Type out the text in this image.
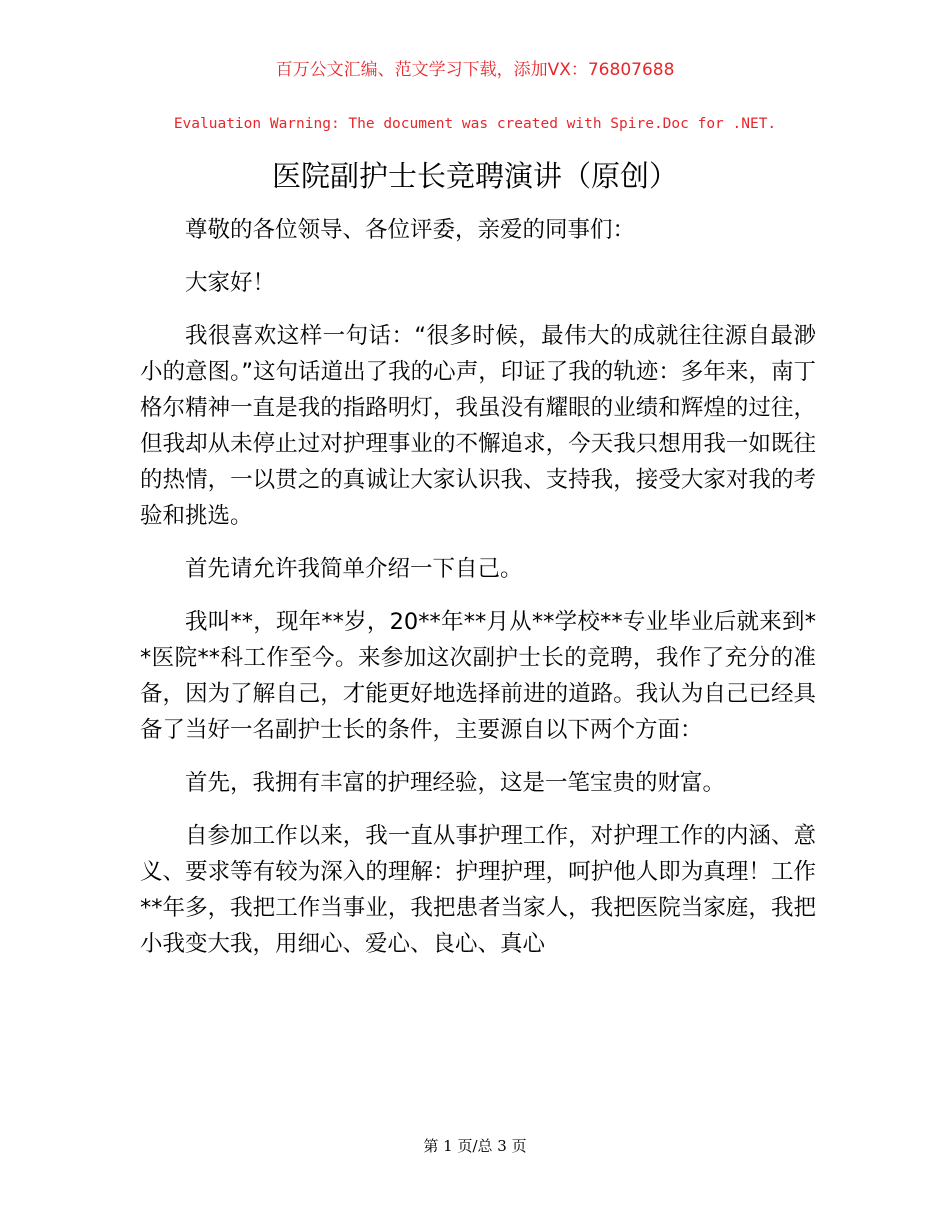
百万公文汇编、范文学习下载，添加VX：76807688
Evaluation Warning: The document was created with Spire.Doc for .NET.
医院副护士长竞聘演讲（原创）

尊敬的各位领导、各位评委，亲爱的同事们：

大家好！

我很喜欢这样一句话：“很多时候，最伟大的成就往往源自最渺小的意图。”这句话道出了我的心声，印证了我的轨迹：多年来，南丁格尔精神一直是我的指路明灯，我虽没有耀眼的业绩和辉煌的过往，但我却从未停止过对护理事业的不懈追求，今天我只想用我一如既往的热情，一以贯之的真诚让大家认识我、支持我，接受大家对我的考验和挑选。

首先请允许我简单介绍一下自己。

我叫**，现年**岁，20**年**月从**学校**专业毕业后就来到**医院**科工作至今。来参加这次副护士长的竞聘，我作了充分的准备，因为了解自己，才能更好地选择前进的道路。我认为自己已经具备了当好一名副护士长的条件，主要源自以下两个方面：

首先，我拥有丰富的护理经验，这是一笔宝贵的财富。

自参加工作以来，我一直从事护理工作，对护理工作的内涵、意义、要求等有较为深入的理解：护理护理，呵护他人即为真理！工作**年多，我把工作当事业，我把患者当家人，我把医院当家庭，我把小我变大我，用细心、爱心、良心、真心

第 1 页/总 3 页
